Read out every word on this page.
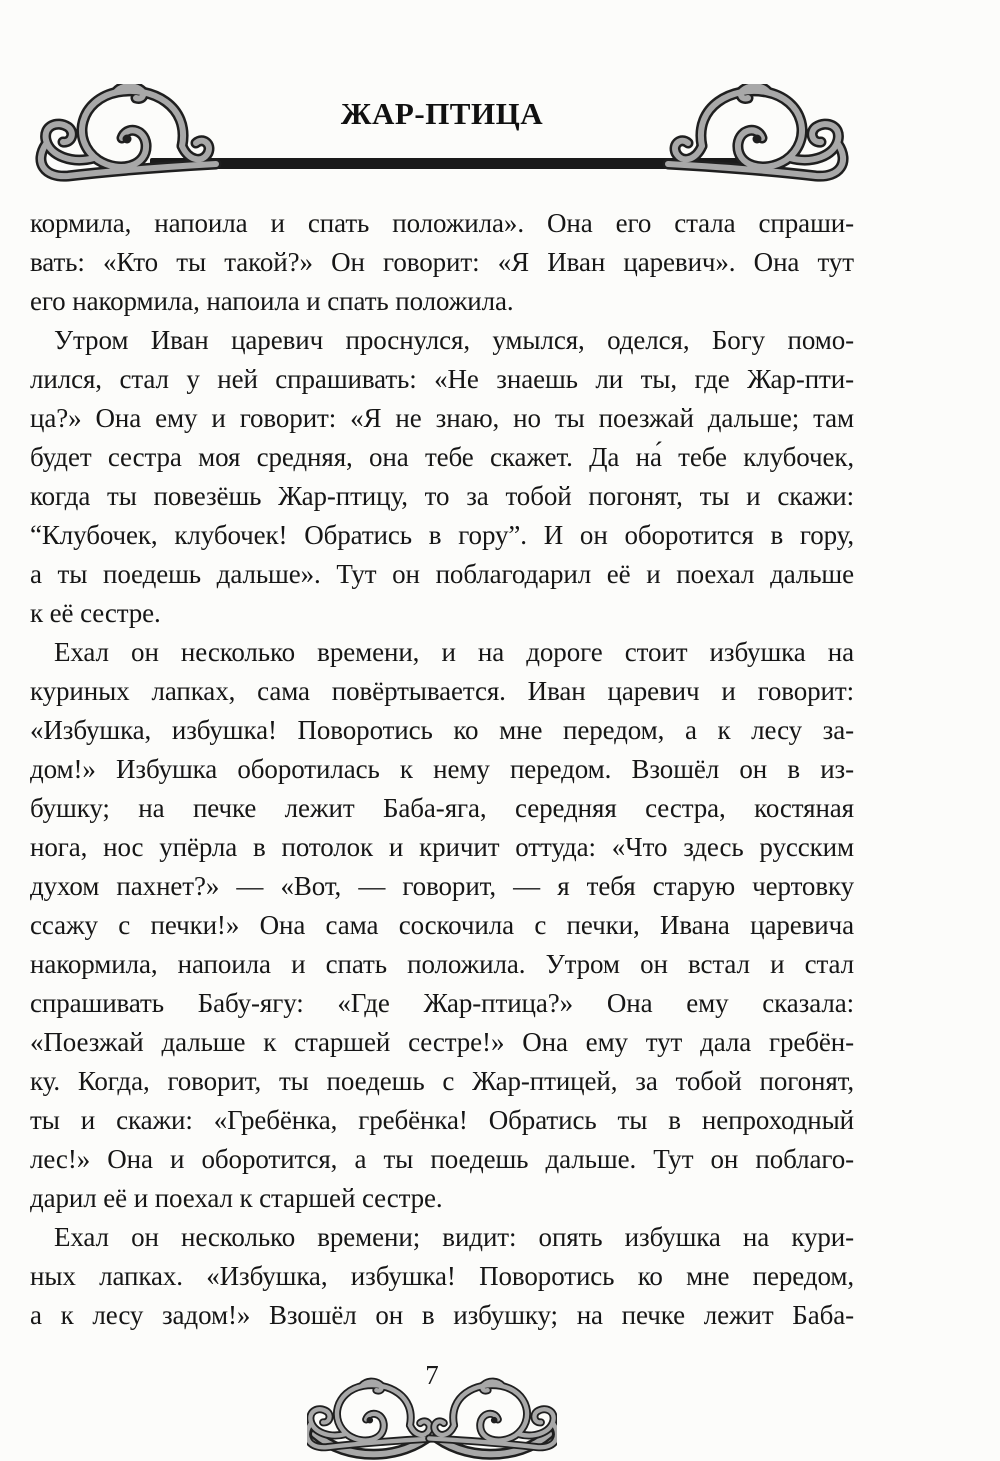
ЖАР-ПТИЦА
кормила, напоила и спать положила». Она его стала спраши-
вать: «Кто ты такой?» Он говорит: «Я Иван царевич». Она тут
его накормила, напоила и спать положила.
Утром Иван царевич проснулся, умылся, оделся, Богу помо-
лился, стал у ней спрашивать: «Не знаешь ли ты, где Жар-пти-
ца?» Она ему и говорит: «Я не знаю, но ты поезжай дальше; там
будет сестра моя средняя, она тебе скажет. Да на́ тебе клубочек,
когда ты повезёшь Жар-птицу, то за тобой погонят, ты и скажи:
“Клубочек, клубочек! Обратись в гору”. И он оборотится в гору,
а ты поедешь дальше». Тут он поблагодарил её и поехал дальше
к её сестре.
Ехал он несколько времени, и на дороге стоит избушка на
куриных лапках, сама повёртывается. Иван царевич и говорит:
«Избушка, избушка! Поворотись ко мне передом, а к лесу за-
дом!» Избушка оборотилась к нему передом. Взошёл он в из-
бушку; на печке лежит Баба-яга, середняя сестра, костяная
нога, нос упёрла в потолок и кричит оттуда: «Что здесь русским
духом пахнет?» — «Вот, — говорит, — я тебя старую чертовку
ссажу с печки!» Она сама соскочила с печки, Ивана царевича
накормила, напоила и спать положила. Утром он встал и стал
спрашивать Бабу-ягу: «Где Жар-птица?» Она ему сказала:
«Поезжай дальше к старшей сестре!» Она ему тут дала гребён-
ку. Когда, говорит, ты поедешь с Жар-птицей, за тобой погонят,
ты и скажи: «Гребёнка, гребёнка! Обратись ты в непроходный
лес!» Она и оборотится, а ты поедешь дальше. Тут он поблаго-
дарил её и поехал к старшей сестре.
Ехал он несколько времени; видит: опять избушка на кури-
ных лапках. «Избушка, избушка! Поворотись ко мне передом,
а к лесу задом!» Взошёл он в избушку; на печке лежит Баба-
7
